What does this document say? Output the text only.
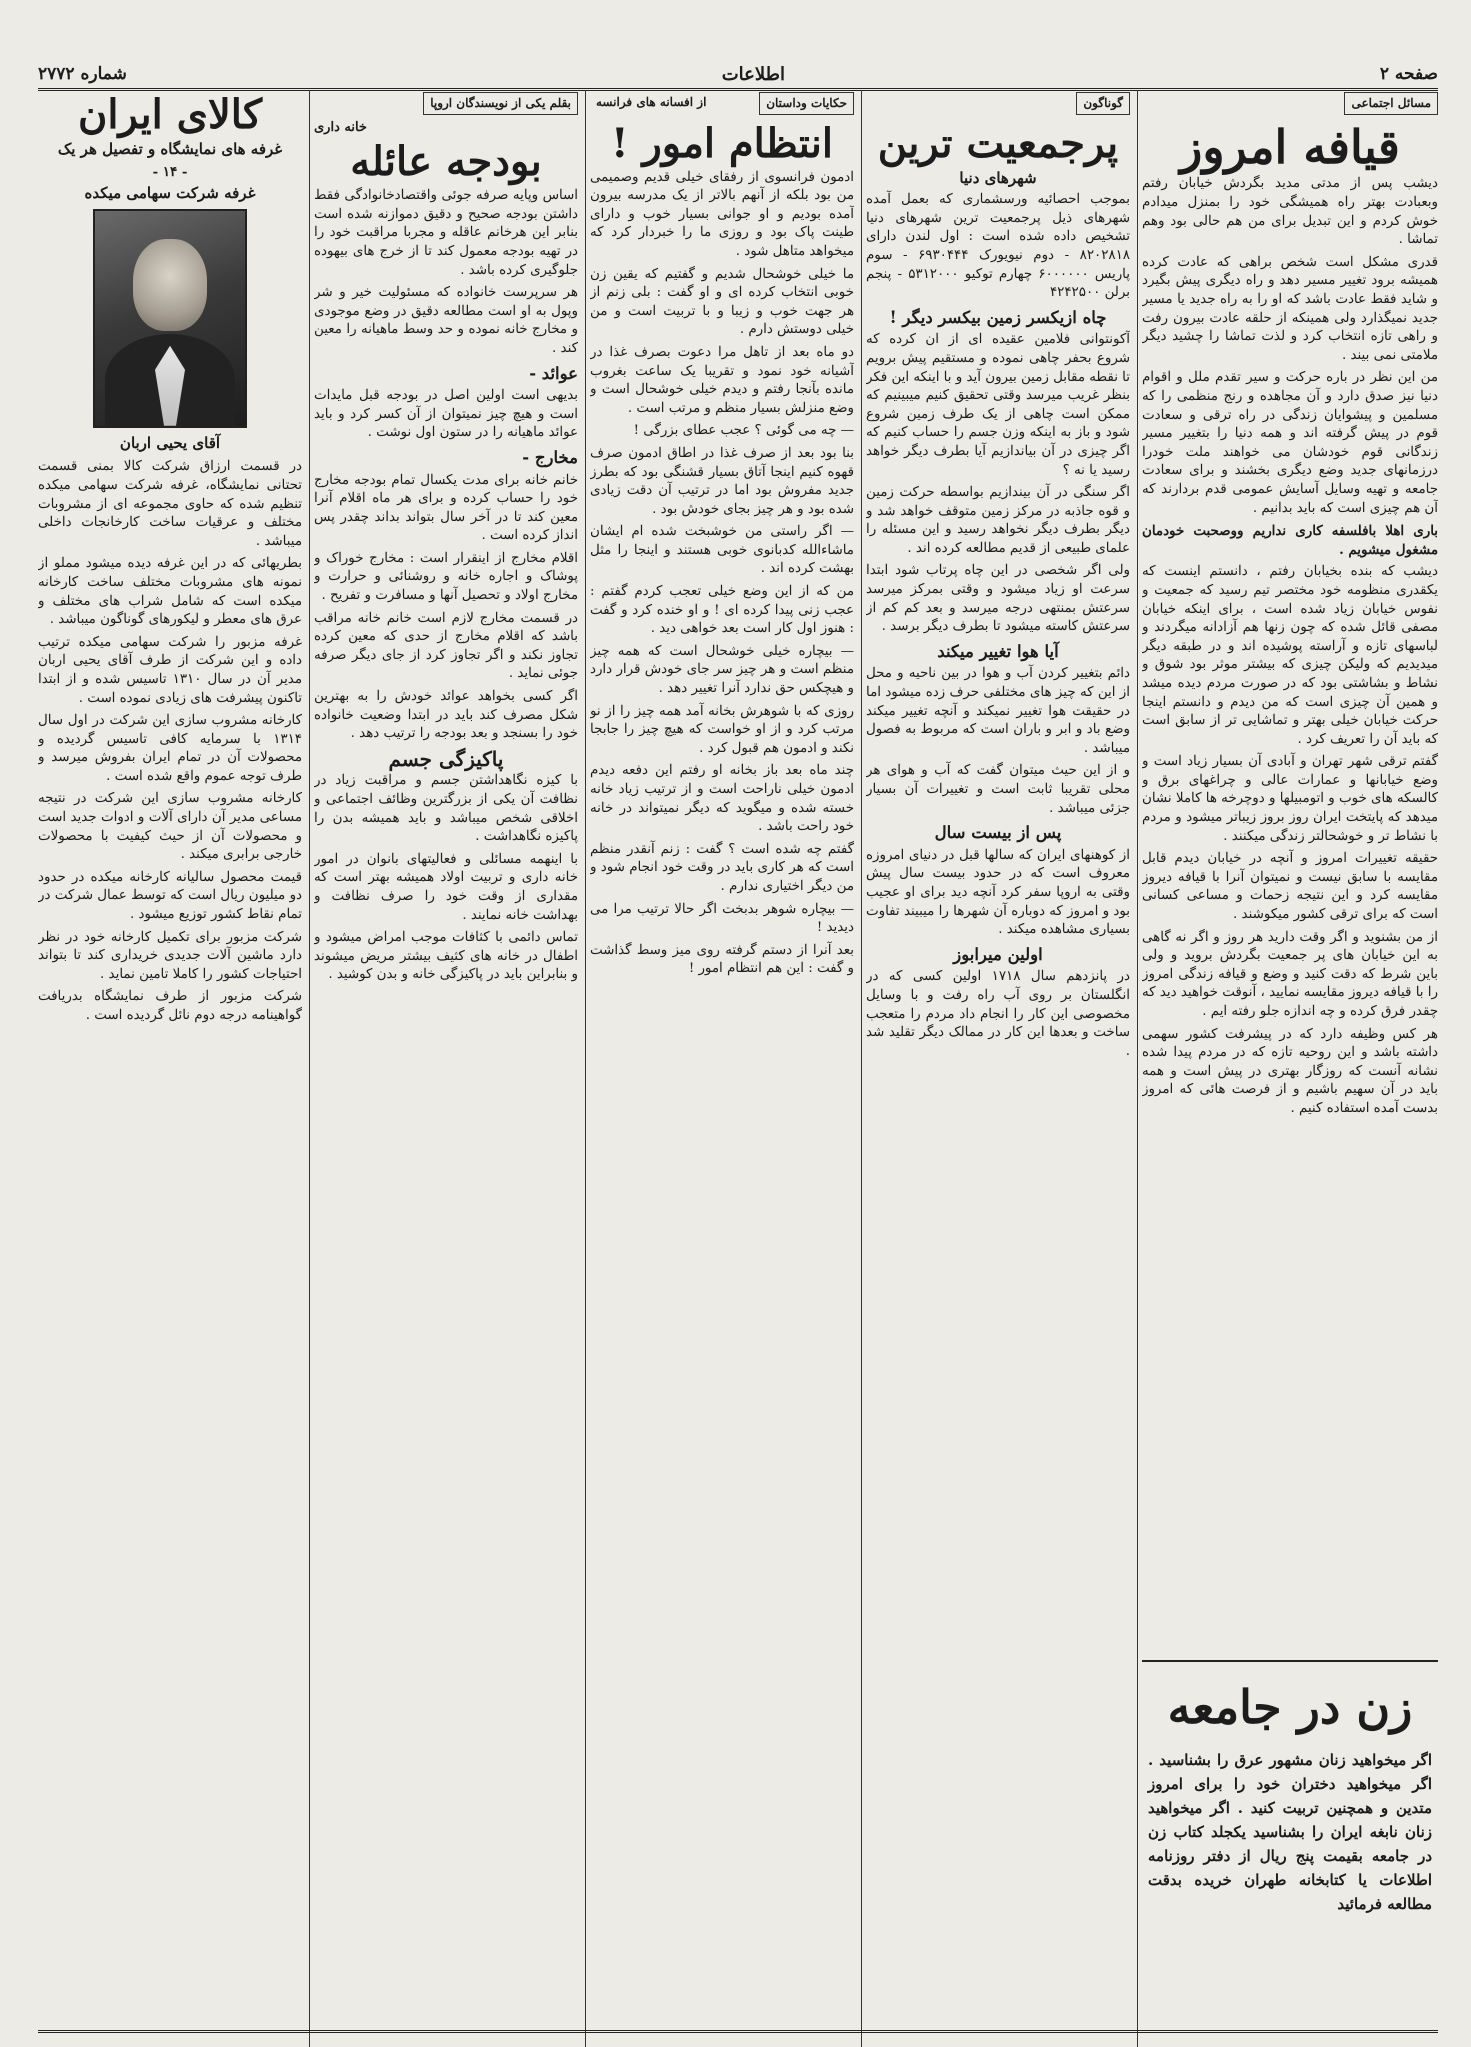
صفحه ۲
اطلاعات
شماره ۲۷۷۲
مسائل اجتماعی
قیافه امروز

دیشب پس از مدتی مدید بگردش خیابان رفتم وبعبادت بهتر راه همیشگی خود را بمنزل میدادم خوش کردم و این تبدیل برای من هم حالی بود وهم تماشا .

قدری مشکل است شخص براهی که عادت کرده همیشه برود تغییر مسیر دهد و راه دیگری پیش بگیرد و شاید فقط عادت باشد که او را به راه جدید یا مسیر جدید نمیگذارد ولی همینکه از حلقه عادت بیرون رفت و راهی تازه انتخاب کرد و لذت تماشا را چشید دیگر ملامتی نمی بیند .

من این نظر در باره حرکت و سیر تقدم ملل و اقوام دنیا نیز صدق دارد و آن مجاهده و رنج منظمی را که مسلمین و پیشوایان زندگی در راه ترقی و سعادت قوم در پیش گرفته اند و همه دنیا را بتغییر مسیر زندگانی قوم خودشان می خواهند ملت خودرا درزمانهای جدید وضع دیگری بخشند و برای سعادت جامعه و تهیه وسایل آسایش عمومی قدم بردارند که آن هم چیزی است که باید بدانیم .

باری اهلا بافلسفه کاری نداریم ووصحبت خودمان مشغول میشویم .

دیشب که بنده بخیابان رفتم ، دانستم اینست که یکقدری منظومه خود مختصر تیم رسید که جمعیت و نفوس خیابان زیاد شده است ، برای اینکه خیابان مصفی قائل شده که چون زنها هم آزادانه میگردند و لباسهای تازه و آراسته پوشیده اند و در طبقه دیگر میدیدیم که ولیکن چیزی که بیشتر موثر بود شوق و نشاط و بشاشتی بود که در صورت مردم دیده میشد و همین آن چیزی است که من دیدم و دانستم اینجا حرکت خیابان خیلی بهتر و تماشایی تر از سابق است که باید آن را تعریف کرد .

گفتم ترقی شهر تهران و آبادی آن بسیار زیاد است و وضع خیابانها و عمارات عالی و چراغهای برق و کالسکه های خوب و اتومبیلها و دوچرخه ها کاملا نشان میدهد که پایتخت ایران روز بروز زیباتر میشود و مردم با نشاط تر و خوشحالتر زندگی میکنند .

حقیقه تغییرات امروز و آنچه در خیابان دیدم قابل مقایسه با سابق نیست و نمیتوان آنرا با قیافه دیروز مقایسه کرد و این نتیجه زحمات و مساعی کسانی است که برای ترقی کشور میکوشند .

از من بشنوید و اگر وقت دارید هر روز و اگر نه گاهی به این خیابان های پر جمعیت بگردش بروید و ولی باین شرط که دقت کنید و وضع و قیافه زندگی امروز را با قیافه دیروز مقایسه نمایید ، آنوقت خواهید دید که چقدر فرق کرده و چه اندازه جلو رفته ایم .

هر کس وظیفه دارد که در پیشرفت کشور سهمی داشته باشد و این روحیه تازه که در مردم پیدا شده نشانه آنست که روزگار بهتری در پیش است و همه باید در آن سهیم باشیم و از فرصت هائی که امروز بدست آمده استفاده کنیم .

زن در جامعه
اگر میخواهید زنان مشهور عرق را بشناسید . اگر میخواهید دختران خود را برای امروز متدین و همچنین تربیت کنید . اگر میخواهید زنان نابغه ایران را بشناسید یکجلد کتاب زن در جامعه بقیمت پنج ریال از دفتر روزنامه اطلاعات یا کتابخانه طهران خریده بدقت مطالعه فرمائید
گوناگون
پرجمعیت ترین
شهرهای دنیا

بموجب احصائیه ورسشماری که بعمل آمده شهرهای ذیل پرجمعیت ترین شهرهای دنیا تشخیص داده شده است : اول لندن دارای ۸۲۰۲۸۱۸ - دوم نیویورک ۶۹۳۰۴۴۴ - سوم پاریس ۶۰۰۰۰۰۰ چهارم توکیو ۵۳۱۲۰۰۰ - پنجم برلن ۴۲۴۲۵۰۰

چاه ازیکسر زمین بیکسر دیگر !

آکونتوانی فلامین عقیده ای از ان کرده که شروع بحفر چاهی نموده و مستقیم پیش برویم تا نقطه مقابل زمین بیرون آید و با اینکه این فکر بنظر غریب میرسد وقتی تحقیق کنیم میبینیم که ممکن است چاهی از یک طرف زمین شروع شود و باز به اینکه وزن جسم را حساب کنیم که اگر چیزی در آن بیاندازیم آیا بطرف دیگر خواهد رسید یا نه ؟

اگر سنگی در آن بیندازیم بواسطه حرکت زمین و قوه جاذبه در مرکز زمین متوقف خواهد شد و دیگر بطرف دیگر نخواهد رسید و این مسئله را علمای طبیعی از قدیم مطالعه کرده اند .

ولی اگر شخصی در این چاه پرتاب شود ابتدا سرعت او زیاد میشود و وقتی بمرکز میرسد سرعتش بمنتهی درجه میرسد و بعد کم کم از سرعتش کاسته میشود تا بطرف دیگر برسد .

آیا هوا تغییر میکند

دائم بتغییر کردن آب و هوا در بین ناحیه و محل از این که چیز های مختلفی حرف زده میشود اما در حقیقت هوا تغییر نمیکند و آنچه تغییر میکند وضع باد و ابر و باران است که مربوط به فصول میباشد .

و از این حیث میتوان گفت که آب و هوای هر محلی تقریبا ثابت است و تغییرات آن بسیار جزئی میباشد .

پس از بیست سال

از کوهنهای ایران که سالها قبل در دنیای امروزه معروف است که در حدود بیست سال پیش وقتی به اروپا سفر کرد آنچه دید برای او عجیب بود و امروز که دوباره آن شهرها را میبیند تفاوت بسیاری مشاهده میکند .

اولین میرابوز

در پانزدهم سال ۱۷۱۸ اولین کسی که در انگلستان بر روی آب راه رفت و با وسایل مخصوصی این کار را انجام داد مردم را متعجب ساخت و بعدها این کار در ممالک دیگر تقلید شد .

حکایات وداستان
از افسانه های فرانسه
انتظام امور !

ادمون فرانسوی از رفقای خیلی قدیم وصمیمی من بود بلکه از آنهم بالاتر از یک مدرسه بیرون آمده بودیم و او جوانی بسیار خوب و دارای طینت پاک بود و روزی ما را خبردار کرد که میخواهد متاهل شود .

ما خیلی خوشحال شدیم و گفتیم که یقین زن خوبی انتخاب کرده ای و او گفت : بلی زنم از هر جهت خوب و زیبا و با تربیت است و من خیلی دوستش دارم .

دو ماه بعد از تاهل مرا دعوت بصرف غذا در آشیانه خود نمود و تقریبا یک ساعت بغروب مانده بآنجا رفتم و دیدم خیلی خوشحال است و وضع منزلش بسیار منظم و مرتب است .

— چه می گوئی ؟ عجب عطای بزرگی !

بنا بود بعد از صرف غذا در اطاق ادمون صرف قهوه کنیم اینجا آتاق بسیار قشنگی بود که بطرز جدید مفروش بود اما در ترتیب آن دقت زیادی شده بود و هر چیز بجای خودش بود .

— اگر راستی من خوشبخت شده ام ایشان ماشاءالله کدبانوی خوبی هستند و اینجا را مثل بهشت کرده اند .

من که از این وضع خیلی تعجب کردم گفتم : عجب زنی پیدا کرده ای ! و او خنده کرد و گفت : هنوز اول کار است بعد خواهی دید .

— بیچاره خیلی خوشحال است که همه چیز منظم است و هر چیز سر جای خودش قرار دارد و هیچکس حق ندارد آنرا تغییر دهد .

روزی که با شوهرش بخانه آمد همه چیز را از نو مرتب کرد و از او خواست که هیچ چیز را جابجا نکند و ادمون هم قبول کرد .

چند ماه بعد باز بخانه او رفتم این دفعه دیدم ادمون خیلی ناراحت است و از ترتیب زیاد خانه خسته شده و میگوید که دیگر نمیتواند در خانه خود راحت باشد .

گفتم چه شده است ؟ گفت : زنم آنقدر منظم است که هر کاری باید در وقت خود انجام شود و من دیگر اختیاری ندارم .

— بیچاره شوهر بدبخت اگر حالا ترتیب مرا می دیدید !

بعد آنرا از دستم گرفته روی میز وسط گذاشت و گفت : این هم انتظام امور !

بقلم یکی از نویسندگان اروپا
خانه داری
بودجه عائله

اساس وپایه صرفه جوئی واقتصادخانوادگی فقط داشتن بودجه صحیح و دقیق دموازنه شده است بنابر این هرخانم عاقله و مجربا مراقبت خود را در تهیه بودجه معمول کند تا از خرج های بیهوده جلوگیری کرده باشد .

هر سرپرست خانواده که مسئولیت خیر و شر وپول به او است مطالعه دقیق در وضع موجودی و مخارج خانه نموده و حد وسط ماهیانه را معین کند .

عوائد -

بدیهی است اولین اصل در بودجه قبل مایدات است و هیچ چیز نمیتوان از آن کسر کرد و باید عوائد ماهیانه را در ستون اول نوشت .

مخارج -

خانم خانه برای مدت یکسال تمام بودجه مخارج خود را حساب کرده و برای هر ماه اقلام آنرا معین کند تا در آخر سال بتواند بداند چقدر پس انداز کرده است .

اقلام مخارج از اینقرار است : مخارج خوراک و پوشاک و اجاره خانه و روشنائی و حرارت و مخارج اولاد و تحصیل آنها و مسافرت و تفریح .

در قسمت مخارج لازم است خانم خانه مراقب باشد که اقلام مخارج از حدی که معین کرده تجاوز نکند و اگر تجاوز کرد از جای دیگر صرفه جوئی نماید .

اگر کسی بخواهد عوائد خودش را به بهترین شکل مصرف کند باید در ابتدا وضعیت خانواده خود را بسنجد و بعد بودجه را ترتیب دهد .

پاکیزگی جسم

با کیزه نگاهداشتن جسم و مراقبت زیاد در نظافت آن یکی از بزرگترین وظائف اجتماعی و اخلاقی شخص میباشد و باید همیشه بدن را پاکیزه نگاهداشت .

با اینهمه مسائلی و فعالیتهای بانوان در امور خانه داری و تربیت اولاد همیشه بهتر است که مقداری از وقت خود را صرف نظافت و بهداشت خانه نمایند .

تماس دائمی با کثافات موجب امراض میشود و اطفال در خانه های کثیف بیشتر مریض میشوند و بنابراین باید در پاکیزگی خانه و بدن کوشید .

کالای ایران
غرفه های نمایشگاه و تفصیل هر یک
- ۱۴ -
غرفه شرکت سهامی میکده
آقای یحیی اربان

در قسمت ارزاق شرکت کالا بمنی قسمت تحتانی نمایشگاه، غرفه شرکت سهامی میکده تنظیم شده که حاوی مجموعه ای از مشروبات مختلف و عرقیات ساخت کارخانجات داخلی میباشد .

بطریهائی که در این غرفه دیده میشود مملو از نمونه های مشروبات مختلف ساخت کارخانه میکده است که شامل شراب های مختلف و عرق های معطر و لیکورهای گوناگون میباشد .

غرفه مزبور را شرکت سهامی میکده ترتیب داده و این شرکت از طرف آقای یحیی اربان مدیر آن در سال ۱۳۱۰ تاسیس شده و از ابتدا تاکنون پیشرفت های زیادی نموده است .

کارخانه مشروب سازی این شرکت در اول سال ۱۳۱۴ با سرمایه کافی تاسیس گردیده و محصولات آن در تمام ایران بفروش میرسد و طرف توجه عموم واقع شده است .

کارخانه مشروب سازی این شرکت در نتیجه مساعی مدیر آن دارای آلات و ادوات جدید است و محصولات آن از حیث کیفیت با محصولات خارجی برابری میکند .

قیمت محصول سالیانه کارخانه میکده در حدود دو میلیون ریال است که توسط عمال شرکت در تمام نقاط کشور توزیع میشود .

شرکت مزبور برای تکمیل کارخانه خود در نظر دارد ماشین آلات جدیدی خریداری کند تا بتواند احتیاجات کشور را کاملا تامین نماید .

شرکت مزبور از طرف نمایشگاه بدریافت گواهینامه درجه دوم نائل گردیده است .
